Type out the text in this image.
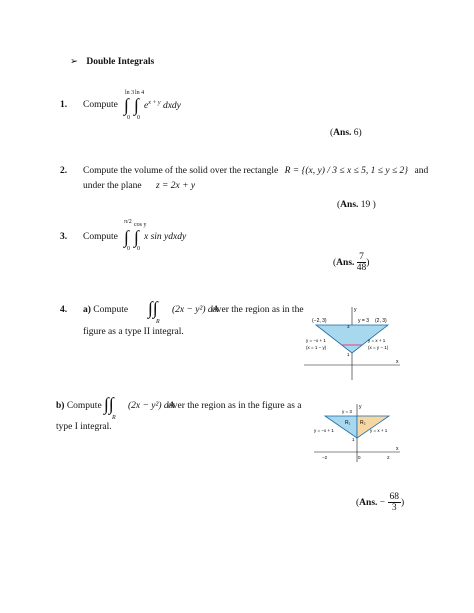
➢ Double Integrals
1. Compute
ln 3 ln 4
∫ ∫
0 0
$e^{x + y}$ dxdy
(Ans. 6)
2. Compute the volume of the solid over the rectangle R = {(x, y) / 3 ≤ x ≤ 5, 1 ≤ y ≤ 2} and
under the plane z = 2x + y
(Ans. 19 )
3. Compute
π/2 cos y
∫ ∫
0 0
x sin ydxdy
(Ans. $\frac{7}{48}$ )
4. a) Compute ∫∫
R
(2x − y²) dA
over the region as in the
figure as a type II integral.
(−2, 3)	(2, 3)
y = 3
y = −x + 1
(x = 1 − y)
y = x + 1
(x = y − 1)
y
x
3
1
b) Compute ∫∫
R
(2x − y²) dA
over the region as in the figure as a
type I integral.	R₁ R₂
y = 3
y = −x + 1	y = x + 1
y
x
−2	0	2
1
(Ans. − $\frac{68}{3}$ )
